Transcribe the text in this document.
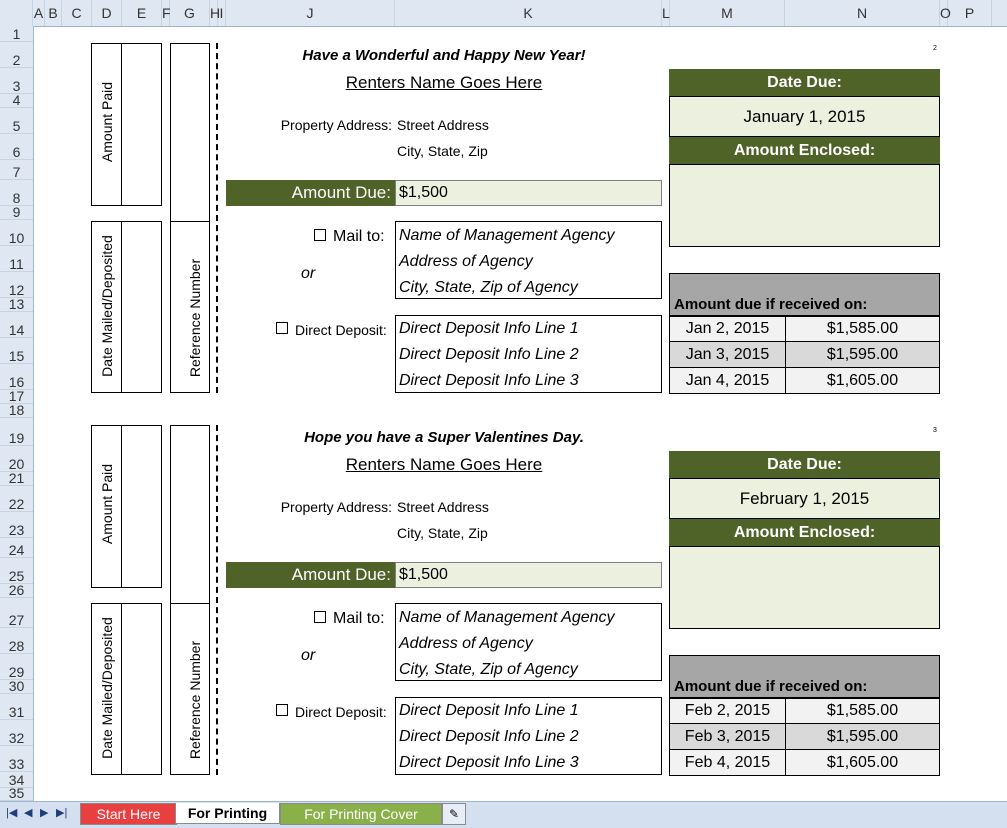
A B C	D	E	F G	H I	J	K	L	M	N	O P
1
2
3
4
5
6
7
8
9
10
11
12
13
14
15
16
17
18
19
20
21
22
23
24
25
26
27
28
29
30
31
32
33
34
35
Amount Paid
Date Mailed/Deposited	Reference Number
Have a Wonderful and Happy New Year!
Renters Name Goes Here
Property Address: Street Address
City, State, Zip
Amount Due: $1,500
Mail to:
or
Name of Management Agency
Address of Agency
City, State, Zip of Agency
Direct Deposit: Direct Deposit Info Line 1
Direct Deposit Info Line 2
Direct Deposit Info Line 3
2
Date Due:
January 1, 2015
Amount Enclosed:
Amount due if received on:
Jan 2, 2015	$1,585.00
Jan 3, 2015	$1,595.00
Jan 4, 2015	$1,605.00
Amount Paid
Date Mailed/Deposited	Reference Number
Hope you have a Super Valentines Day.
Renters Name Goes Here
Property Address: Street Address
City, State, Zip
Amount Due: $1,500
Mail to:
or
Name of Management Agency
Address of Agency
City, State, Zip of Agency
Direct Deposit: Direct Deposit Info Line 1
Direct Deposit Info Line 2
Direct Deposit Info Line 3
3
Date Due:
February 1, 2015
Amount Enclosed:
Amount due if received on:
Feb 2, 2015	$1,585.00
Feb 3, 2015	$1,595.00
Feb 4, 2015	$1,605.00
|◀ ◀ ▶ ▶|	Start Here	For Printing	For Printing Cover	✎
